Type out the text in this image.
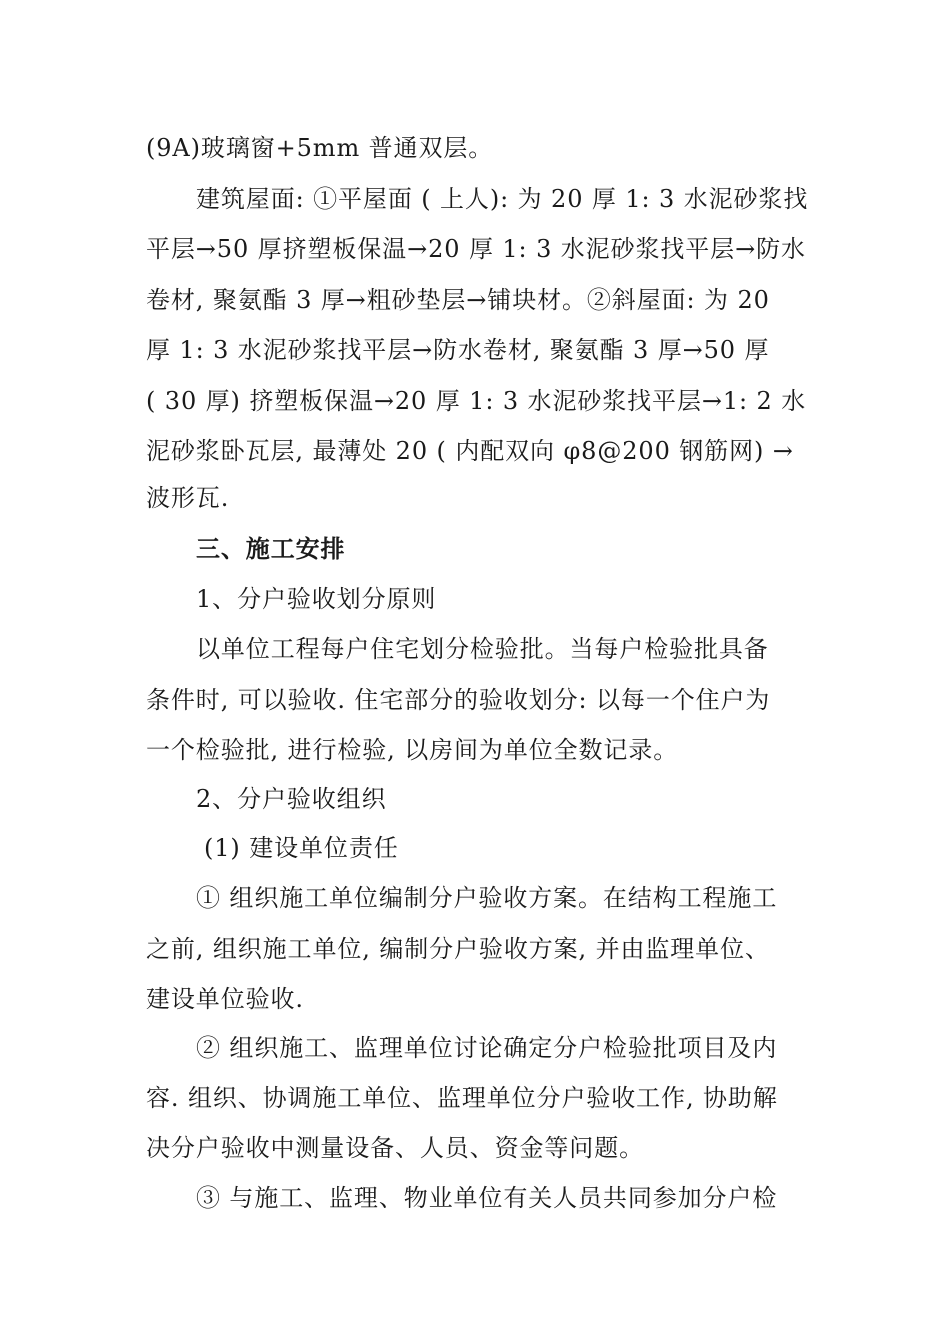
(9A)玻璃窗+5mm 普通双层。
建筑屋面: ①平屋面 ( 上人): 为 20 厚 1: 3 水泥砂浆找
平层→50 厚挤塑板保温→20 厚 1: 3 水泥砂浆找平层→防水
卷材, 聚氨酯 3 厚→粗砂垫层→铺块材。②斜屋面: 为 20
厚 1: 3 水泥砂浆找平层→防水卷材, 聚氨酯 3 厚→50 厚
( 30 厚) 挤塑板保温→20 厚 1: 3 水泥砂浆找平层→1: 2 水
泥砂浆卧瓦层, 最薄处 20 ( 内配双向 φ8@200 钢筋网) →
波形瓦.
三、施工安排
1、分户验收划分原则
以单位工程每户住宅划分检验批。当每户检验批具备
条件时, 可以验收. 住宅部分的验收划分: 以每一个住户为
一个检验批, 进行检验, 以房间为单位全数记录。
2、分户验收组织
(1) 建设单位责任
① 组织施工单位编制分户验收方案。在结构工程施工
之前, 组织施工单位, 编制分户验收方案, 并由监理单位、
建设单位验收.
② 组织施工、监理单位讨论确定分户检验批项目及内
容. 组织、协调施工单位、监理单位分户验收工作, 协助解
决分户验收中测量设备、人员、资金等问题。
③ 与施工、监理、物业单位有关人员共同参加分户检
